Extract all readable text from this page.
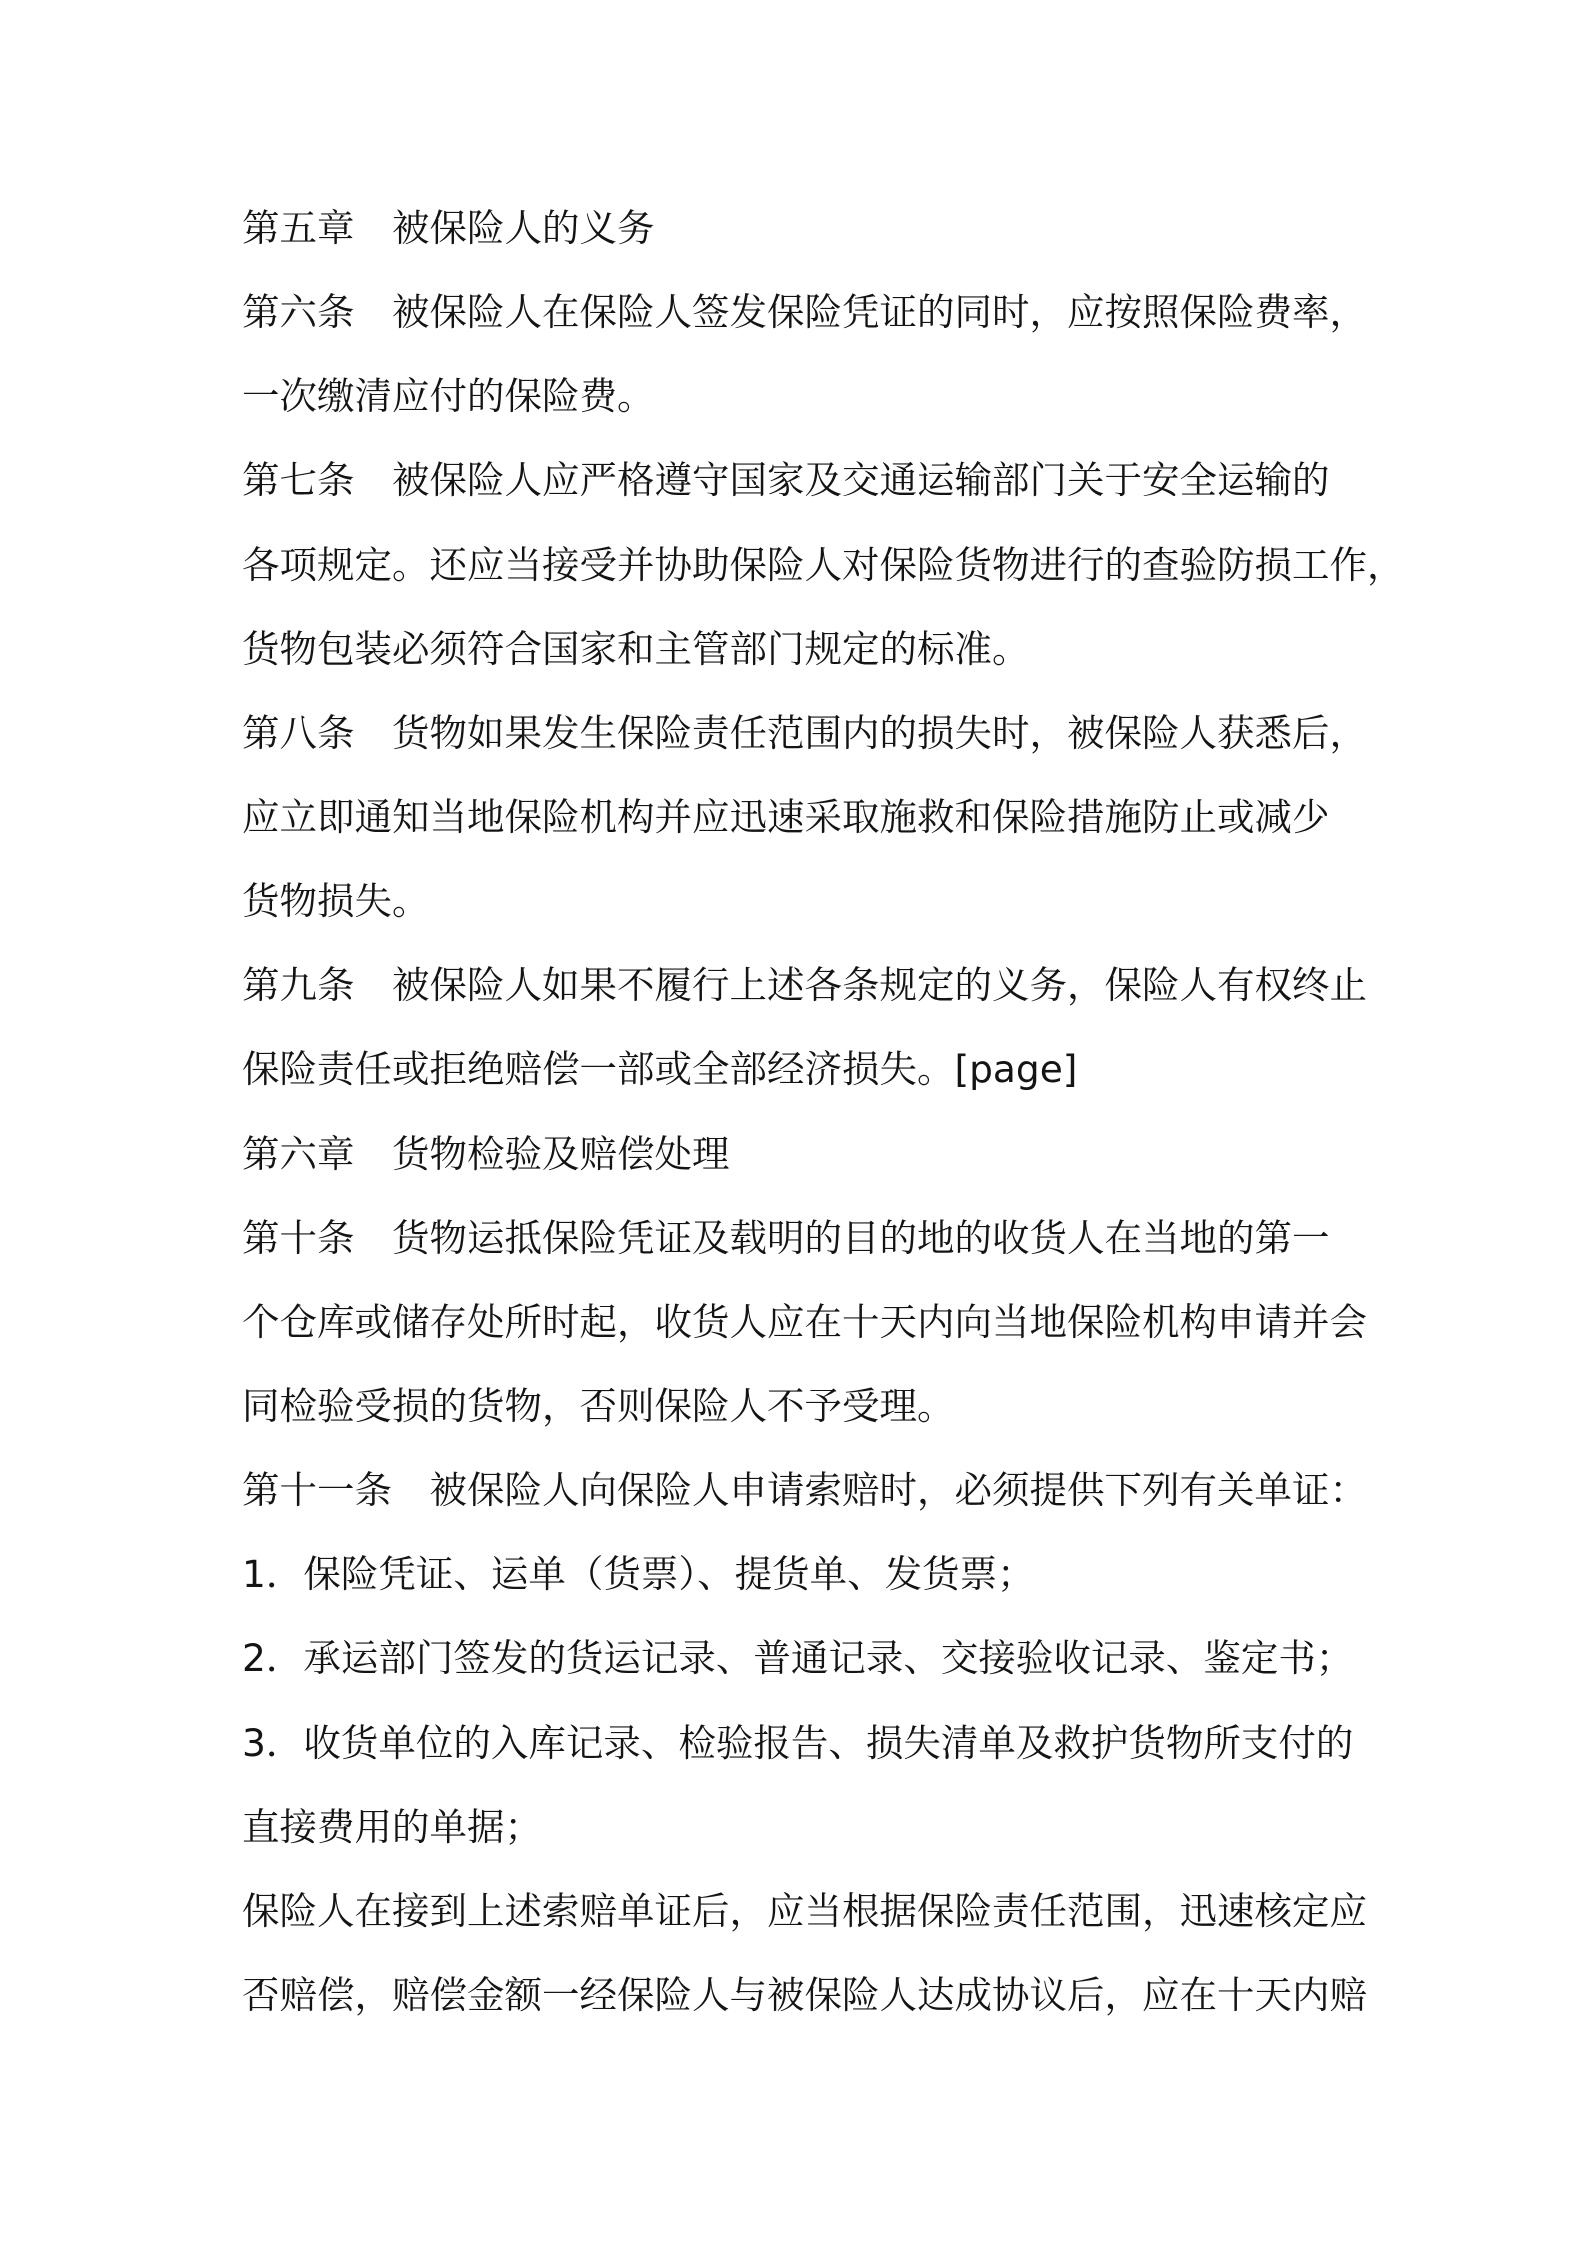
第五章　被保险人的义务
第六条　被保险人在保险人签发保险凭证的同时，应按照保险费率，
一次缴清应付的保险费。
第七条　被保险人应严格遵守国家及交通运输部门关于安全运输的
各项规定。还应当接受并协助保险人对保险货物进行的查验防损工作，
货物包装必须符合国家和主管部门规定的标准。
第八条　货物如果发生保险责任范围内的损失时，被保险人获悉后，
应立即通知当地保险机构并应迅速采取施救和保险措施防止或减少
货物损失。
第九条　被保险人如果不履行上述各条规定的义务，保险人有权终止
保险责任或拒绝赔偿一部或全部经济损失。[page]
第六章　货物检验及赔偿处理
第十条　货物运抵保险凭证及载明的目的地的收货人在当地的第一
个仓库或储存处所时起，收货人应在十天内向当地保险机构申请并会
同检验受损的货物，否则保险人不予受理。
第十一条　被保险人向保险人申请索赔时，必须提供下列有关单证：
1．保险凭证、运单（货票）、提货单、发货票；
2．承运部门签发的货运记录、普通记录、交接验收记录、鉴定书；
3．收货单位的入库记录、检验报告、损失清单及救护货物所支付的
直接费用的单据；
保险人在接到上述索赔单证后，应当根据保险责任范围，迅速核定应
否赔偿，赔偿金额一经保险人与被保险人达成协议后，应在十天内赔
